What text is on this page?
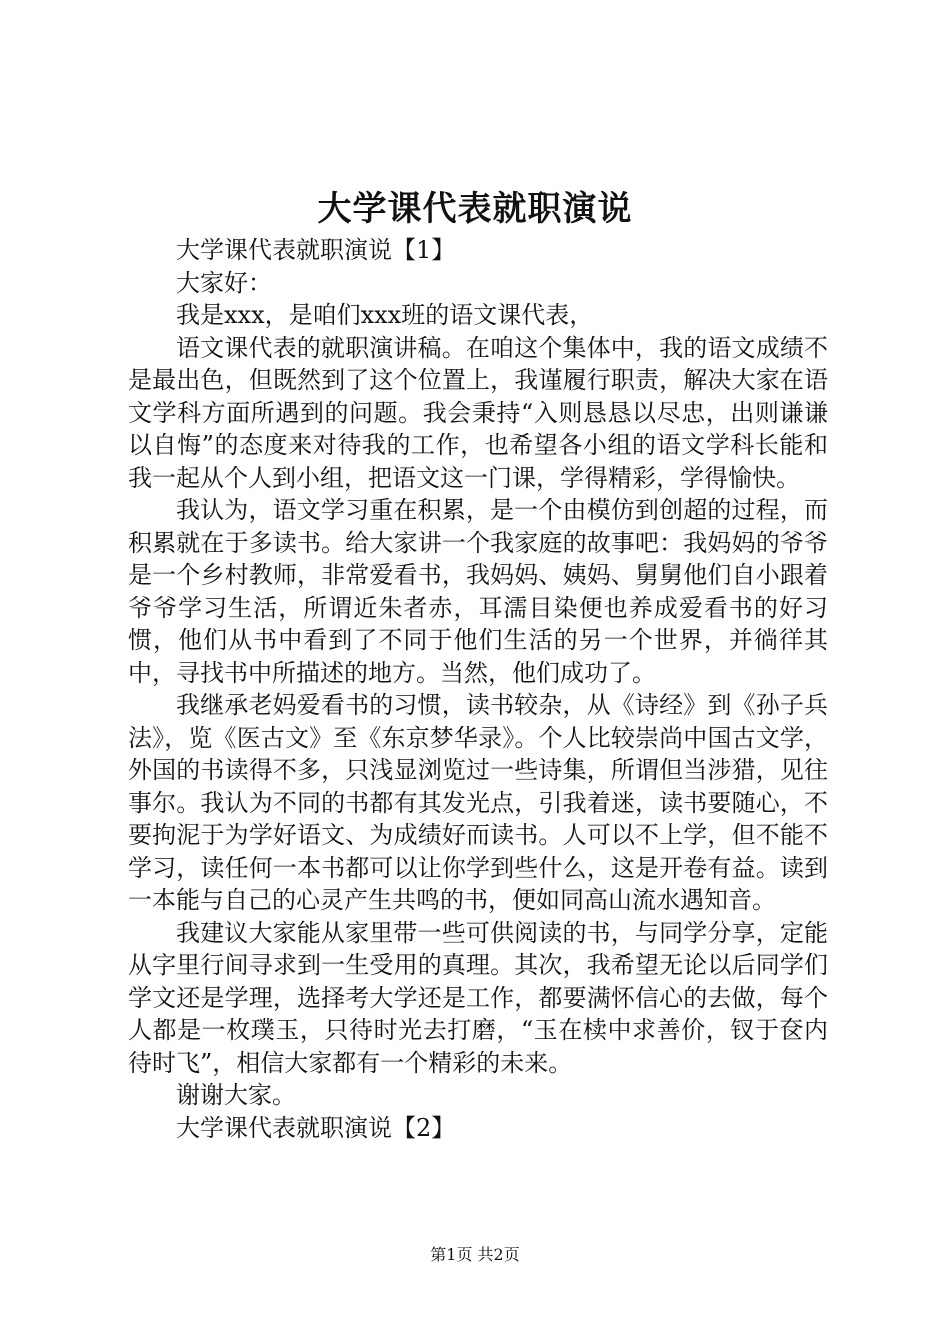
大学课代表就职演说

大学课代表就职演说【1】

大家好：

我是xxx，是咱们xxx班的语文课代表，

语文课代表的就职演讲稿。在咱这个集体中，我的语文成绩不是最出色，但既然到了这个位置上，我谨履行职责，解决大家在语文学科方面所遇到的问题。我会秉持“入则恳恳以尽忠，出则谦谦以自悔”的态度来对待我的工作，也希望各小组的语文学科长能和我一起从个人到小组，把语文这一门课，学得精彩，学得愉快。

我认为，语文学习重在积累，是一个由模仿到创超的过程，而积累就在于多读书。给大家讲一个我家庭的故事吧：我妈妈的爷爷是一个乡村教师，非常爱看书，我妈妈、姨妈、舅舅他们自小跟着爷爷学习生活，所谓近朱者赤，耳濡目染便也养成爱看书的好习惯，他们从书中看到了不同于他们生活的另一个世界，并徜徉其中，寻找书中所描述的地方。当然，他们成功了。

我继承老妈爱看书的习惯，读书较杂，从《诗经》到《孙子兵法》，览《医古文》至《东京梦华录》。个人比较崇尚中国古文学，外国的书读得不多，只浅显浏览过一些诗集，所谓但当涉猎，见往事尔。我认为不同的书都有其发光点，引我着迷，读书要随心，不要拘泥于为学好语文、为成绩好而读书。人可以不上学，但不能不学习，读任何一本书都可以让你学到些什么，这是开卷有益。读到一本能与自己的心灵产生共鸣的书，便如同高山流水遇知音。

我建议大家能从家里带一些可供阅读的书，与同学分享，定能从字里行间寻求到一生受用的真理。其次，我希望无论以后同学们学文还是学理，选择考大学还是工作，都要满怀信心的去做，每个人都是一枚璞玉，只待时光去打磨，“玉在椟中求善价，钗于奁内待时飞”，相信大家都有一个精彩的未来。

谢谢大家。

大学课代表就职演说【2】

第1页 共2页
